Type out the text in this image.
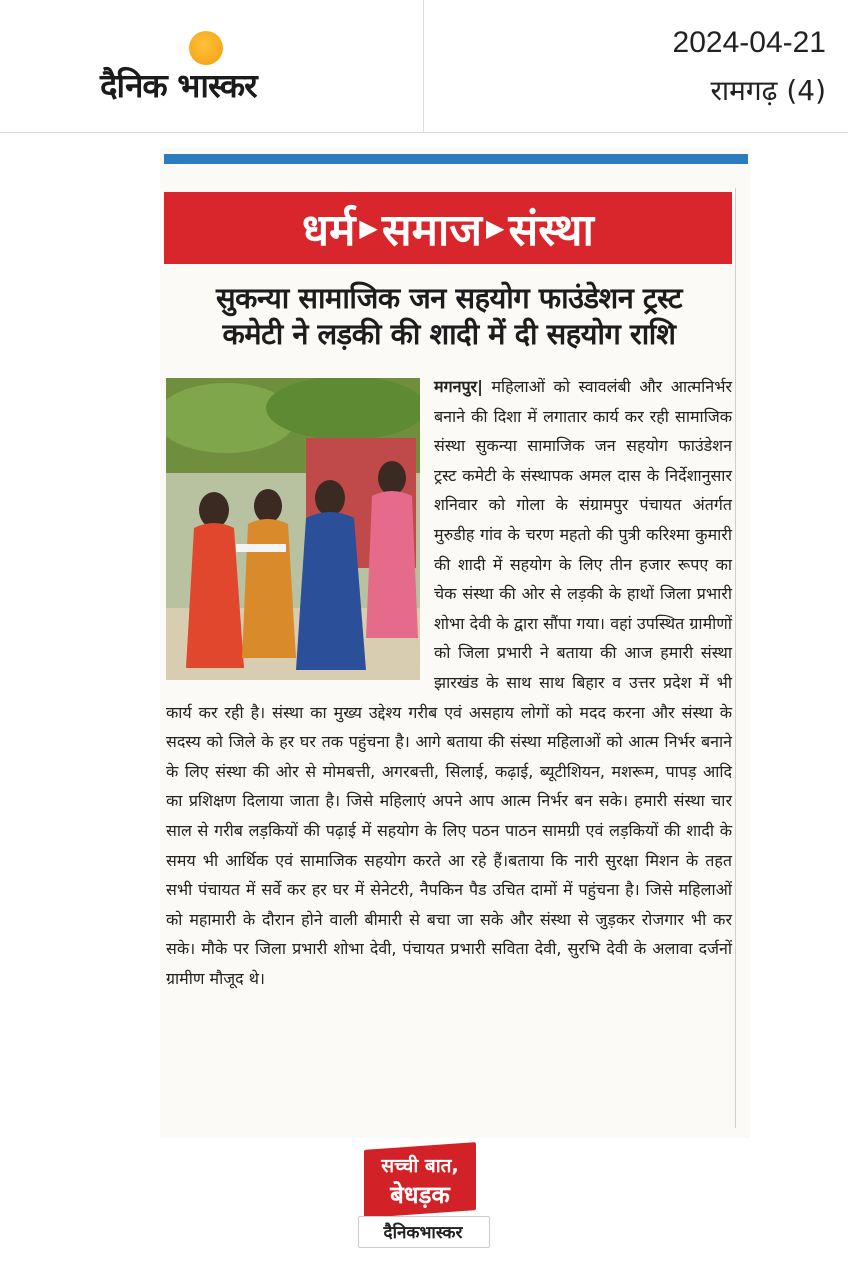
दैनिक भास्कर
2024-04-21
रामगढ़ (4)
धर्म ▶ समाज ▶ संस्था
सुकन्या सामाजिक जन सहयोग फाउंडेशन ट्रस्ट
कमेटी ने लड़की की शादी में दी सहयोग राशि
मगनपुर| महिलाओं को स्वावलंबी और आत्मनिर्भर बनाने की दिशा में लगातार कार्य कर रही सामाजिक संस्था सुकन्या सामाजिक जन सहयोग फाउंडेशन ट्रस्ट कमेटी के संस्थापक अमल दास के निर्देशानुसार शनिवार को गोला के संग्रामपुर पंचायत अंतर्गत मुरुडीह गांव के चरण महतो की पुत्री करिश्मा कुमारी की शादी में सहयोग के लिए तीन हजार रूपए का चेक संस्था की ओर से लड़की के हाथों जिला प्रभारी शोभा देवी के द्वारा सौंपा गया। वहां उपस्थित ग्रामीणों को जिला प्रभारी ने बताया की आज हमारी संस्था झारखंड के साथ साथ बिहार व उत्तर प्रदेश में भी कार्य कर रही है। संस्था का मुख्य उद्देश्य गरीब एवं असहाय लोगों को मदद करना और संस्था के सदस्य को जिले के हर घर तक पहुंचना है। आगे बताया की संस्था महिलाओं को आत्म निर्भर बनाने के लिए संस्था की ओर से मोमबत्ती, अगरबत्ती, सिलाई, कढ़ाई, ब्यूटीशियन, मशरूम, पापड़ आदि का प्रशिक्षण दिलाया जाता है। जिसे महिलाएं अपने आप आत्म निर्भर बन सके। हमारी संस्था चार साल से गरीब लड़कियों की पढ़ाई में सहयोग के लिए पठन पाठन सामग्री एवं लड़कियों की शादी के समय भी आर्थिक एवं सामाजिक सहयोग करते आ रहे हैं।बताया कि नारी सुरक्षा मिशन के तहत सभी पंचायत में सर्वे कर हर घर में सेनेटरी, नैपकिन पैड उचित दामों में पहुंचना है। जिसे महिलाओं को महामारी के दौरान होने वाली बीमारी से बचा जा सके और संस्था से जुड़कर रोजगार भी कर सके। मौके पर जिला प्रभारी शोभा देवी, पंचायत प्रभारी सविता देवी, सुरभि देवी के अलावा दर्जनों ग्रामीण मौजूद थे।
सच्ची बात,
बेधड़क
दैनिकभास्कर
